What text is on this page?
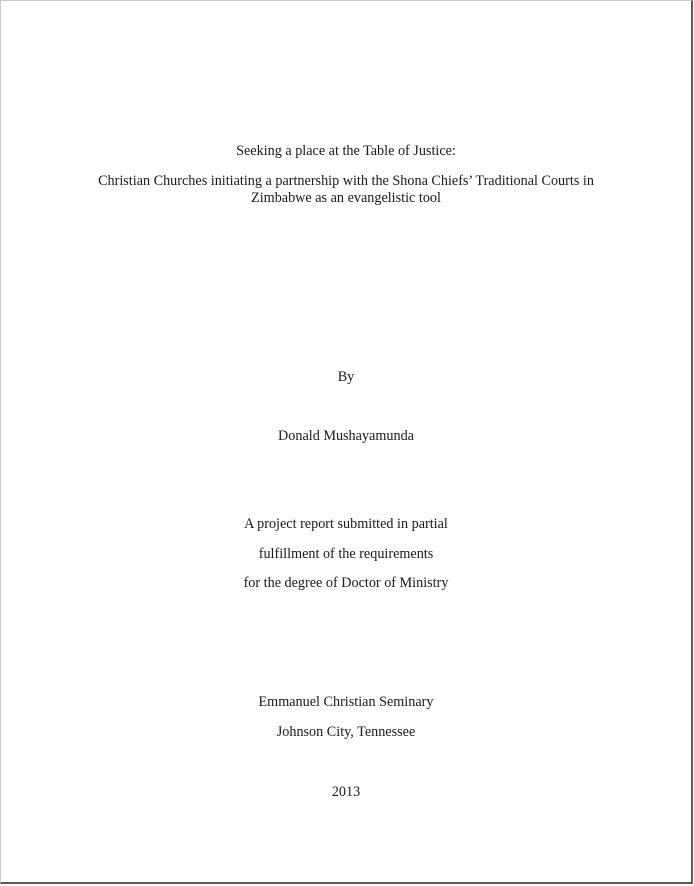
Seeking a place at the Table of Justice:
Christian Churches initiating a partnership with the Shona Chiefs’ Traditional Courts in
Zimbabwe as an evangelistic tool
By
Donald Mushayamunda
A project report submitted in partial
fulfillment of the requirements
for the degree of Doctor of Ministry
Emmanuel Christian Seminary
Johnson City, Tennessee
2013
